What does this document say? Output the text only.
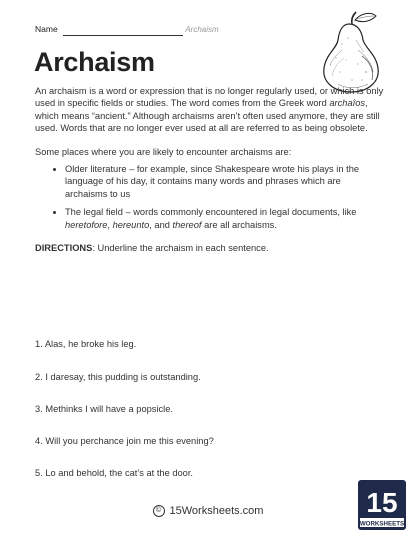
Name	Archaism
Archaism

An archaism is a word or expression that is no longer regularly used, or which is only used in specific fields or studies. The word comes from the Greek word archaîos, which means “ancient.” Although archaisms aren’t often used anymore, they are still used. Words that are no longer ever used at all are referred to as being obsolete.

Some places where you are likely to encounter archaisms are:

• Older literature – for example, since Shakespeare wrote his plays in the language of his day, it contains many words and phrases which are archaisms to us
• The legal field – words commonly encountered in legal documents, like heretofore, hereunto, and thereof are all archaisms.

DIRECTIONS: Underline the archaism in each sentence.

1. Alas, he broke his leg.
2. I daresay, this pudding is outstanding.
3. Methinks I will have a popsicle.
4. Will you perchance join me this evening?
5. Lo and behold, the cat’s at the door.
© 15Worksheets.com	15
WORKSHEETS
